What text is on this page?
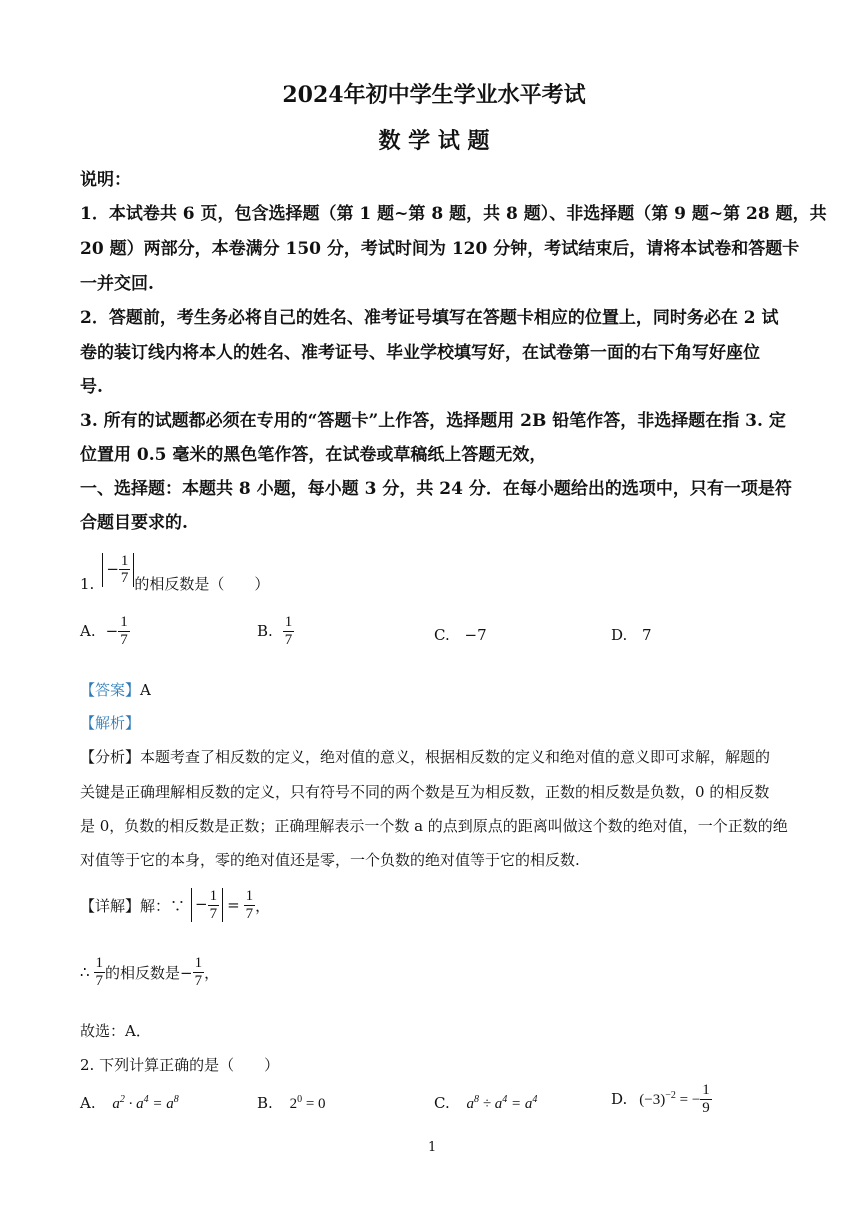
2024年初中学生学业水平考试
数 学 试 题
说明：
1．本试卷共 6 页，包含选择题（第 1 题~第 8 题，共 8 题）、非选择题（第 9 题~第 28 题，共
20 题）两部分，本卷满分 150 分，考试时间为 120 分钟，考试结束后，请将本试卷和答题卡
一并交回.
2．答题前，考生务必将自己的姓名、准考证号填写在答题卡相应的位置上，同时务必在 2 试
卷的装订线内将本人的姓名、准考证号、毕业学校填写好，在试卷第一面的右下角写好座位
号.
3. 所有的试题都必须在专用的“答题卡”上作答，选择题用 2B 铅笔作答，非选择题在指 3. 定
位置用 0.5 毫米的黑色笔作答，在试卷或草稿纸上答题无效，
一、选择题：本题共 8 小题，每小题 3 分，共 24 分．在每小题给出的选项中，只有一项是符
合题目要求的.
1.
− $\frac{1}{7}$ 的相反数是（　　）
A. − $\frac{1}{7}$	B. $\frac{1}{7}$	C. −7	D. 7
【答案】A
【解析】
【分析】本题考查了相反数的定义，绝对值的意义，根据相反数的定义和绝对值的意义即可求解，解题的
关键是正确理解相反数的定义，只有符号不同的两个数是互为相反数，正数的相反数是负数，0 的相反数
是 0，负数的相反数是正数；正确理解表示一个数 a 的点到原点的距离叫做这个数的绝对值，一个正数的绝
对值等于它的本身，零的绝对值还是零，一个负数的绝对值等于它的相反数.
【详解】解：∵ − $\frac{1}{7} = \frac{1}{7}$ ，
∴ $\frac{1}{7}$ 的相反数是− $\frac{1}{7}$ ，
故选：A．
2. 下列计算正确的是（　　）
A. $a^2 \cdot a^4 = a^8$	B. $2^0 = 0$	C. $a^8 \div a^4 = a^4$	D. $(-3)^{-2}$ = − $\frac{1}{9}$
1
